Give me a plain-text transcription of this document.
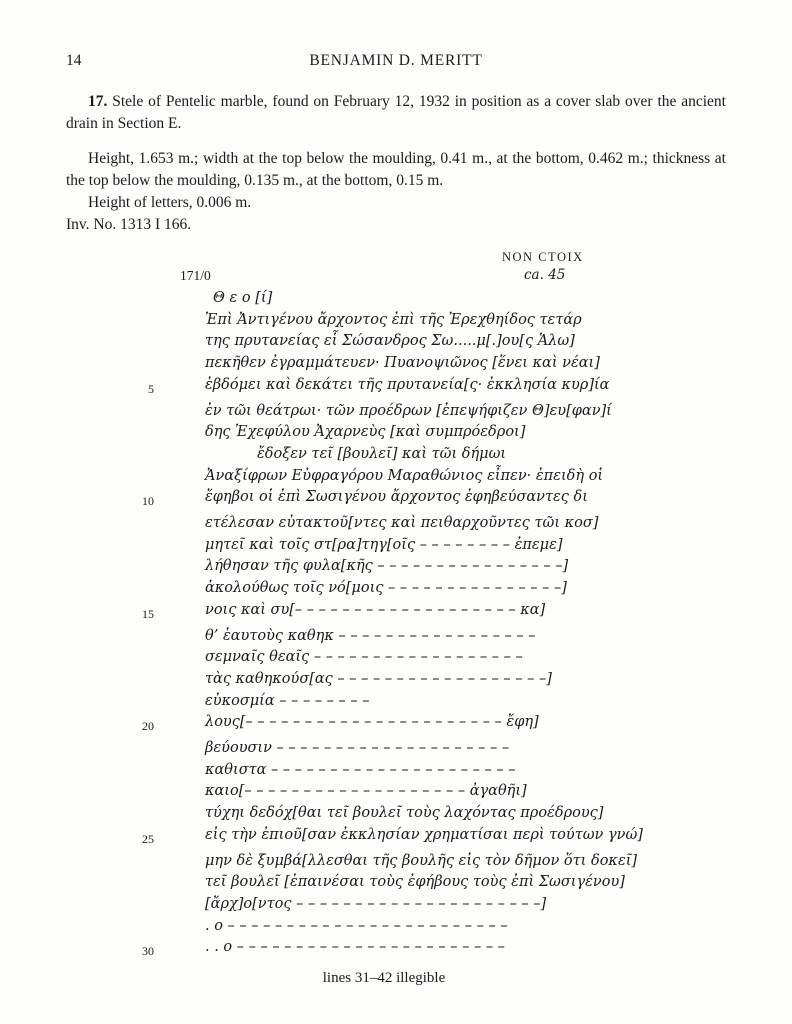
14	BENJAMIN D. MERITT

17. Stele of Pentelic marble, found on February 12, 1932 in position as a cover slab over the ancient drain in Section E.

Height, 1.653 m.; width at the top below the moulding, 0.41 m., at the bottom, 0.462 m.; thickness at the top below the moulding, 0.135 m., at the bottom, 0.15 m.

Height of letters, 0.006 m.

Inv. No. 1313 I 166.

171/0
NON CTOIX
ca. 45
Θ ε ο [ί]
Ἐπὶ Ἀντιγένου ἄρχοντος ἐπὶ τῆς Ἐρεχθηίδος τετάρ
της πρυτανείας εἷ Σώσανδρος Σω.....μ[.]ου[ς Ἁλω]
πεκῆθεν ἐγραμμάτευεν· Πυανοψιῶνος [ἕνει καὶ νέαι]
5	ἑβδόμει καὶ δεκάτει τῆς πρυτανεία[ς· ἐκκλησία κυρ]ία
ἐν τῶι θεάτρωι· τῶν προέδρων [ἐπεψήφιζεν Θ]ευ[φαν]ί
δης Ἐχεφύλου Ἀχαρνεὺς [καὶ συμπρόεδροι]
ἔδοξεν τεῖ [βουλεῖ] καὶ τῶι δήμωι
Ἀναξίφρων Εὐφραγόρου Μαραθώνιος εἶπεν· ἐπειδὴ οἱ
10	ἔφηβοι οἱ ἐπὶ Σωσιγένου ἄρχοντος ἐφηβεύσαντες δι
ετέλεσαν εὐτακτοῦ[ντες καὶ πειθαρχοῦντες τῶι κοσ]
μητεῖ καὶ τοῖς στ[ρα]τηγ[οῖς – – – – – – – – ἐπεμε]
λήθησαν τῆς φυλα[κῆς – – – – – – – – – – – – – – – –]
ἀκολούθως τοῖς νό[μοις – – – – – – – – – – – – – – –]
15	νοις καὶ συ[– – – – – – – – – – – – – – – – – – – κα]
θ’ ἑαυτοὺς καθηκ – – – – – – – – – – – – – – – – –
σεμναῖς θεαῖς – – – – – – – – – – – – – – – – – –
τὰς καθηκούσ[ας – – – – – – – – – – – – – – – – – –]
εὐκοσμία – – – – – – – –
20	λους[– – – – – – – – – – – – – – – – – – – – – – ἔφη]
βεύουσιν – – – – – – – – – – – – – – – – – – – –
καθιστα – – – – – – – – – – – – – – – – – – – – –
καιο[– – – – – – – – – – – – – – – – – – – ἀγαθῆι]
τύχηι δεδόχ[θαι τεῖ βουλεῖ τοὺς λαχόντας προέδρους]
25	εἰς τὴν ἐπιοῦ[σαν ἐκκλησίαν χρηματίσαι περὶ τούτων γνώ]
μην δὲ ξυμβά[λλεσθαι τῆς βουλῆς εἰς τὸν δῆμον ὅτι δοκεῖ]
τεῖ βουλεῖ [ἐπαινέσαι τοὺς ἐφήβους τοὺς ἐπὶ Σωσιγένου]
[ἄρχ]ο[ντος – – – – – – – – – – – – – – – – – – – – –]
. ο – – – – – – – – – – – – – – – – – – – – – – – –
30	. . ο – – – – – – – – – – – – – – – – – – – – – – –
lines 31–42 illegible
